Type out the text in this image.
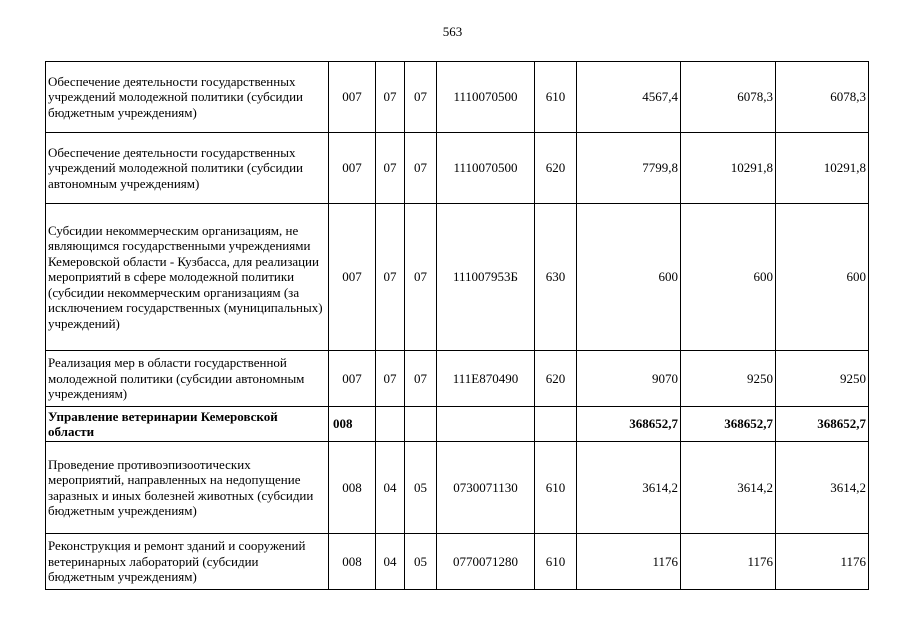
563
Обеспечение деятельности государственных учреждений молодежной политики (субсидии бюджетным учреждениям)	007	07	07	1110070500	610	4567,4	6078,3	6078,3
Обеспечение деятельности государственных учреждений молодежной политики (субсидии автономным учреждениям)	007	07	07	1110070500	620	7799,8	10291,8	10291,8
Субсидии некоммерческим организациям, не являющимся государственными учреждениями Кемеровской области - Кузбасса, для реализации мероприятий в сфере молодежной политики (субсидии некоммерческим организациям (за исключением государственных (муниципальных) учреждений)	007	07	07	111007953Б	630	600	600	600
Реализация мер в области государственной молодежной политики (субсидии автономным учреждениям)	007	07	07	111E870490	620	9070	9250	9250
Управление ветеринарии Кемеровской области	008					368652,7	368652,7	368652,7
Проведение противоэпизоотических мероприятий, направленных на недопущение заразных и иных болезней животных (субсидии бюджетным учреждениям)	008	04	05	0730071130	610	3614,2	3614,2	3614,2
Реконструкция и ремонт зданий и сооружений ветеринарных лабораторий (субсидии бюджетным учреждениям)	008	04	05	0770071280	610	1176	1176	1176
